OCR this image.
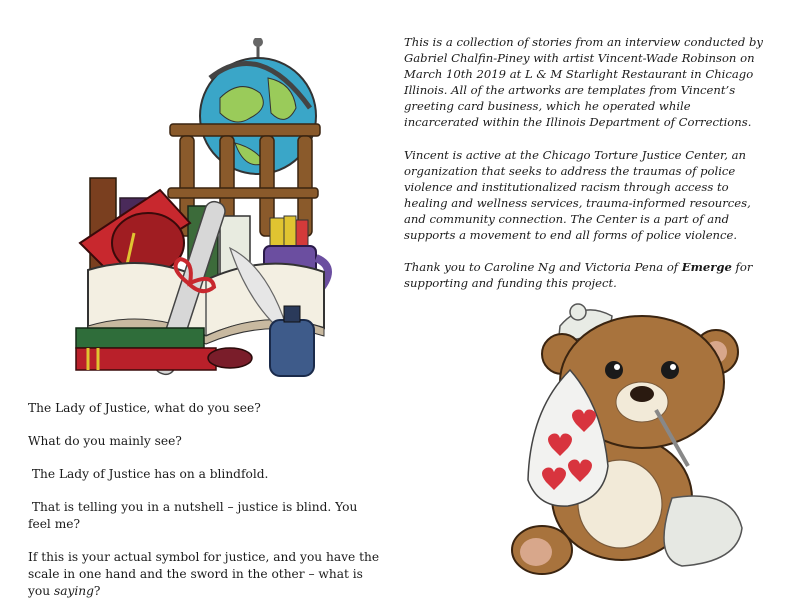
This is a collection of stories from an interview conducted by Gabriel Chalfin-Piney with artist Vincent-Wade Robinson on March 10th 2019 at L & M Starlight Restaurant in Chicago Illinois. All of the artworks are templates from Vincent’s greeting card business, which he operated while incarcerated within the Illinois Department of Corrections.

Vincent is active at the Chicago Torture Justice Center, an organization that seeks to address the traumas of police violence and institutionalized racism through access to healing and wellness services, trauma-informed resources, and community connection. The Center is a part of and supports a movement to end all forms of police violence.

Thank you to Caroline Ng and Victoria Pena of Emerge for supporting and funding this project.

The Lady of Justice, what do you see?

What do you mainly see?

The Lady of Justice has on a blindfold.

That is telling you in a nutshell – justice is blind. You feel me?

If this is your actual symbol for justice, and you have the scale in one hand and the sword in the other – what is you saying?
